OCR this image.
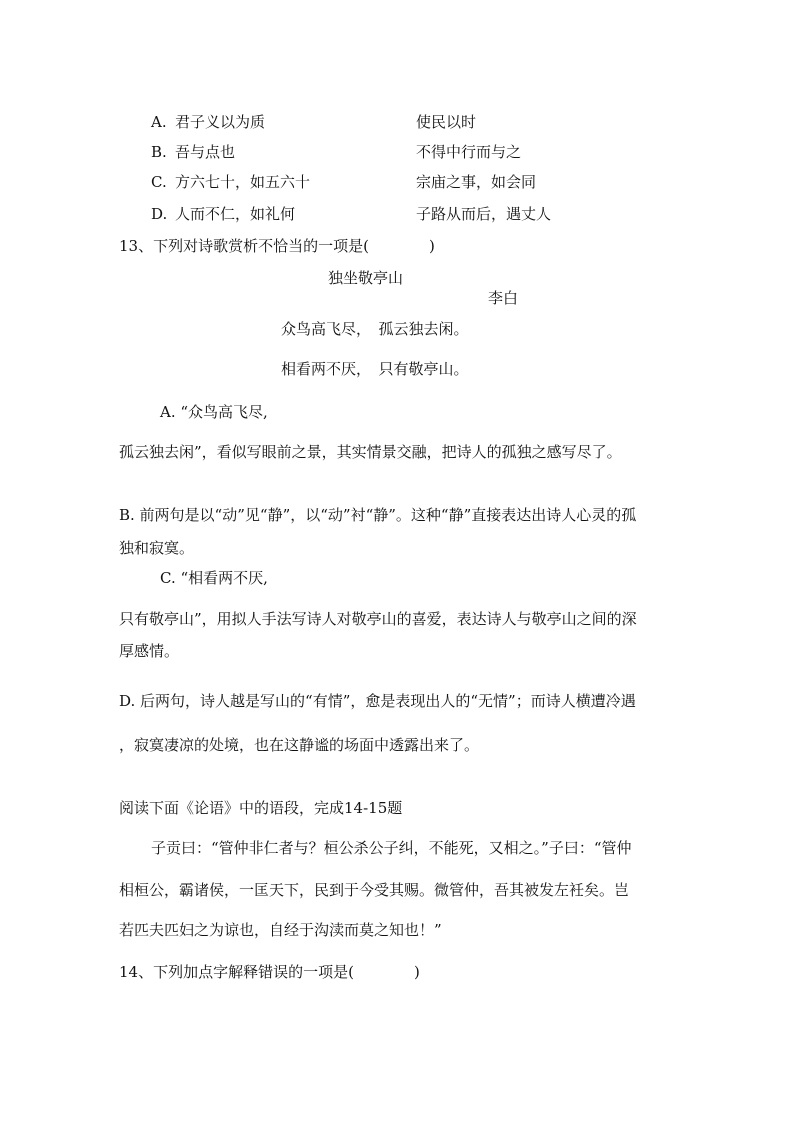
A. 君子义以为质	使民以时
B. 吾与点也	不得中行而与之
C. 方六七十，如五六十	宗庙之事，如会同
D. 人而不仁，如礼何	子路从而后，遇丈人
13、下列对诗歌赏析不恰当的一项是(　　　　)
独坐敬亭山
李白
众鸟高飞尽，　孤云独去闲。
相看两不厌，　只有敬亭山。
A. “众鸟高飞尽,
孤云独去闲”，看似写眼前之景，其实情景交融，把诗人的孤独之感写尽了。
B. 前两句是以“动”见“静”，以“动”衬“静”。这种“静”直接表达出诗人心灵的孤
独和寂寞。
C. “相看两不厌,
只有敬亭山”，用拟人手法写诗人对敬亭山的喜爱，表达诗人与敬亭山之间的深
厚感情。
D. 后两句，诗人越是写山的“有情”，愈是表现出人的“无情”；而诗人横遭冷遇
，寂寞凄凉的处境，也在这静谧的场面中透露出来了。
阅读下面《论语》中的语段，完成14-15题
子贡曰：“管仲非仁者与？桓公杀公子纠，不能死，又相之。”子曰：“管仲
相桓公，霸诸侯，一匡天下，民到于今受其赐。微管仲，吾其被发左衽矣。岂
若匹夫匹妇之为谅也，自经于沟渎而莫之知也！”
14、下列加点字解释错误的一项是(　　　　)
